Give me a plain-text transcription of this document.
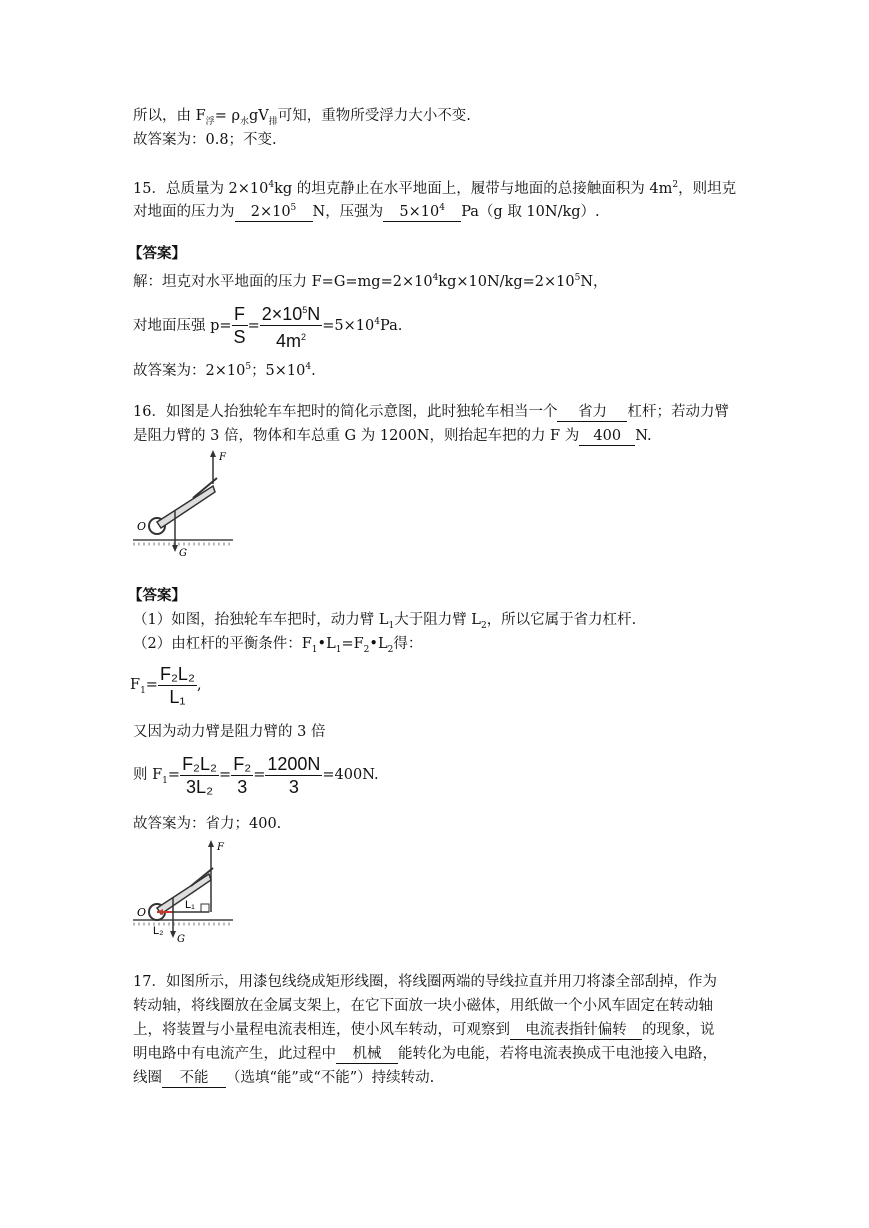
所以，由 $F_浮= \rho_水gV_排$可知，重物所受浮力大小不变.
故答案为：0.8；不变.
15．总质量为 $2\times 10^4kg$ 的坦克静止在水平地面上，履带与地面的总接触面积为 $4m^2$，则坦克
对地面的压力为 $2\times 10^5$ N，压强为 $5\times 10^4$ Pa（g 取 10N/kg）.
【答案】
解：坦克对水平地面的压力 $F=G=mg=2\times 10^4kg\times 10N/kg=2\times 10^5N$，
对地面压强 $p= \frac{F}{S} = \frac{2\times 10^5N}{4m^2} =5\times 10^4Pa$.
故答案为：$2\times 10^5$；$5\times 10^4$.
16．如图是人抬独轮车车把时的简化示意图，此时独轮车相当一个 省力 杠杆；若动力臂
是阻力臂的 3 倍，物体和车总重 G 为 1200N，则抬起车把的力 F 为 400 N.
F
O
G
【答案】
（1）如图，抬独轮车车把时，动力臂 $L_1$大于阻力臂 $L_2$，所以它属于省力杠杆.
（2）由杠杆的平衡条件：$F_1•L_1=F_2•L_2$得：
$F_1= \frac{\text{F₂L₂}}{\text{L₁}}$ ,
又因为动力臂是阻力臂的 3 倍
则 $F_1= \frac{\text{F₂L₂}}{\text{3L₂}} = \frac{\text{F₂}}{3} = \frac{1200N}{3} =400N$.
故答案为：省力；400.
F
O
G
L₁
L₂
17．如图所示，用漆包线绕成矩形线圈，将线圈两端的导线拉直并用刀将漆全部刮掉，作为
转动轴，将线圈放在金属支架上，在它下面放一块小磁体，用纸做一个小风车固定在转动轴
上，将装置与小量程电流表相连，使小风车转动，可观察到 电流表指针偏转 的现象，说
明电路中有电流产生，此过程中 机械 能转化为电能，若将电流表换成干电池接入电路，
线圈 不能 （选填“能”或“不能”）持续转动.
